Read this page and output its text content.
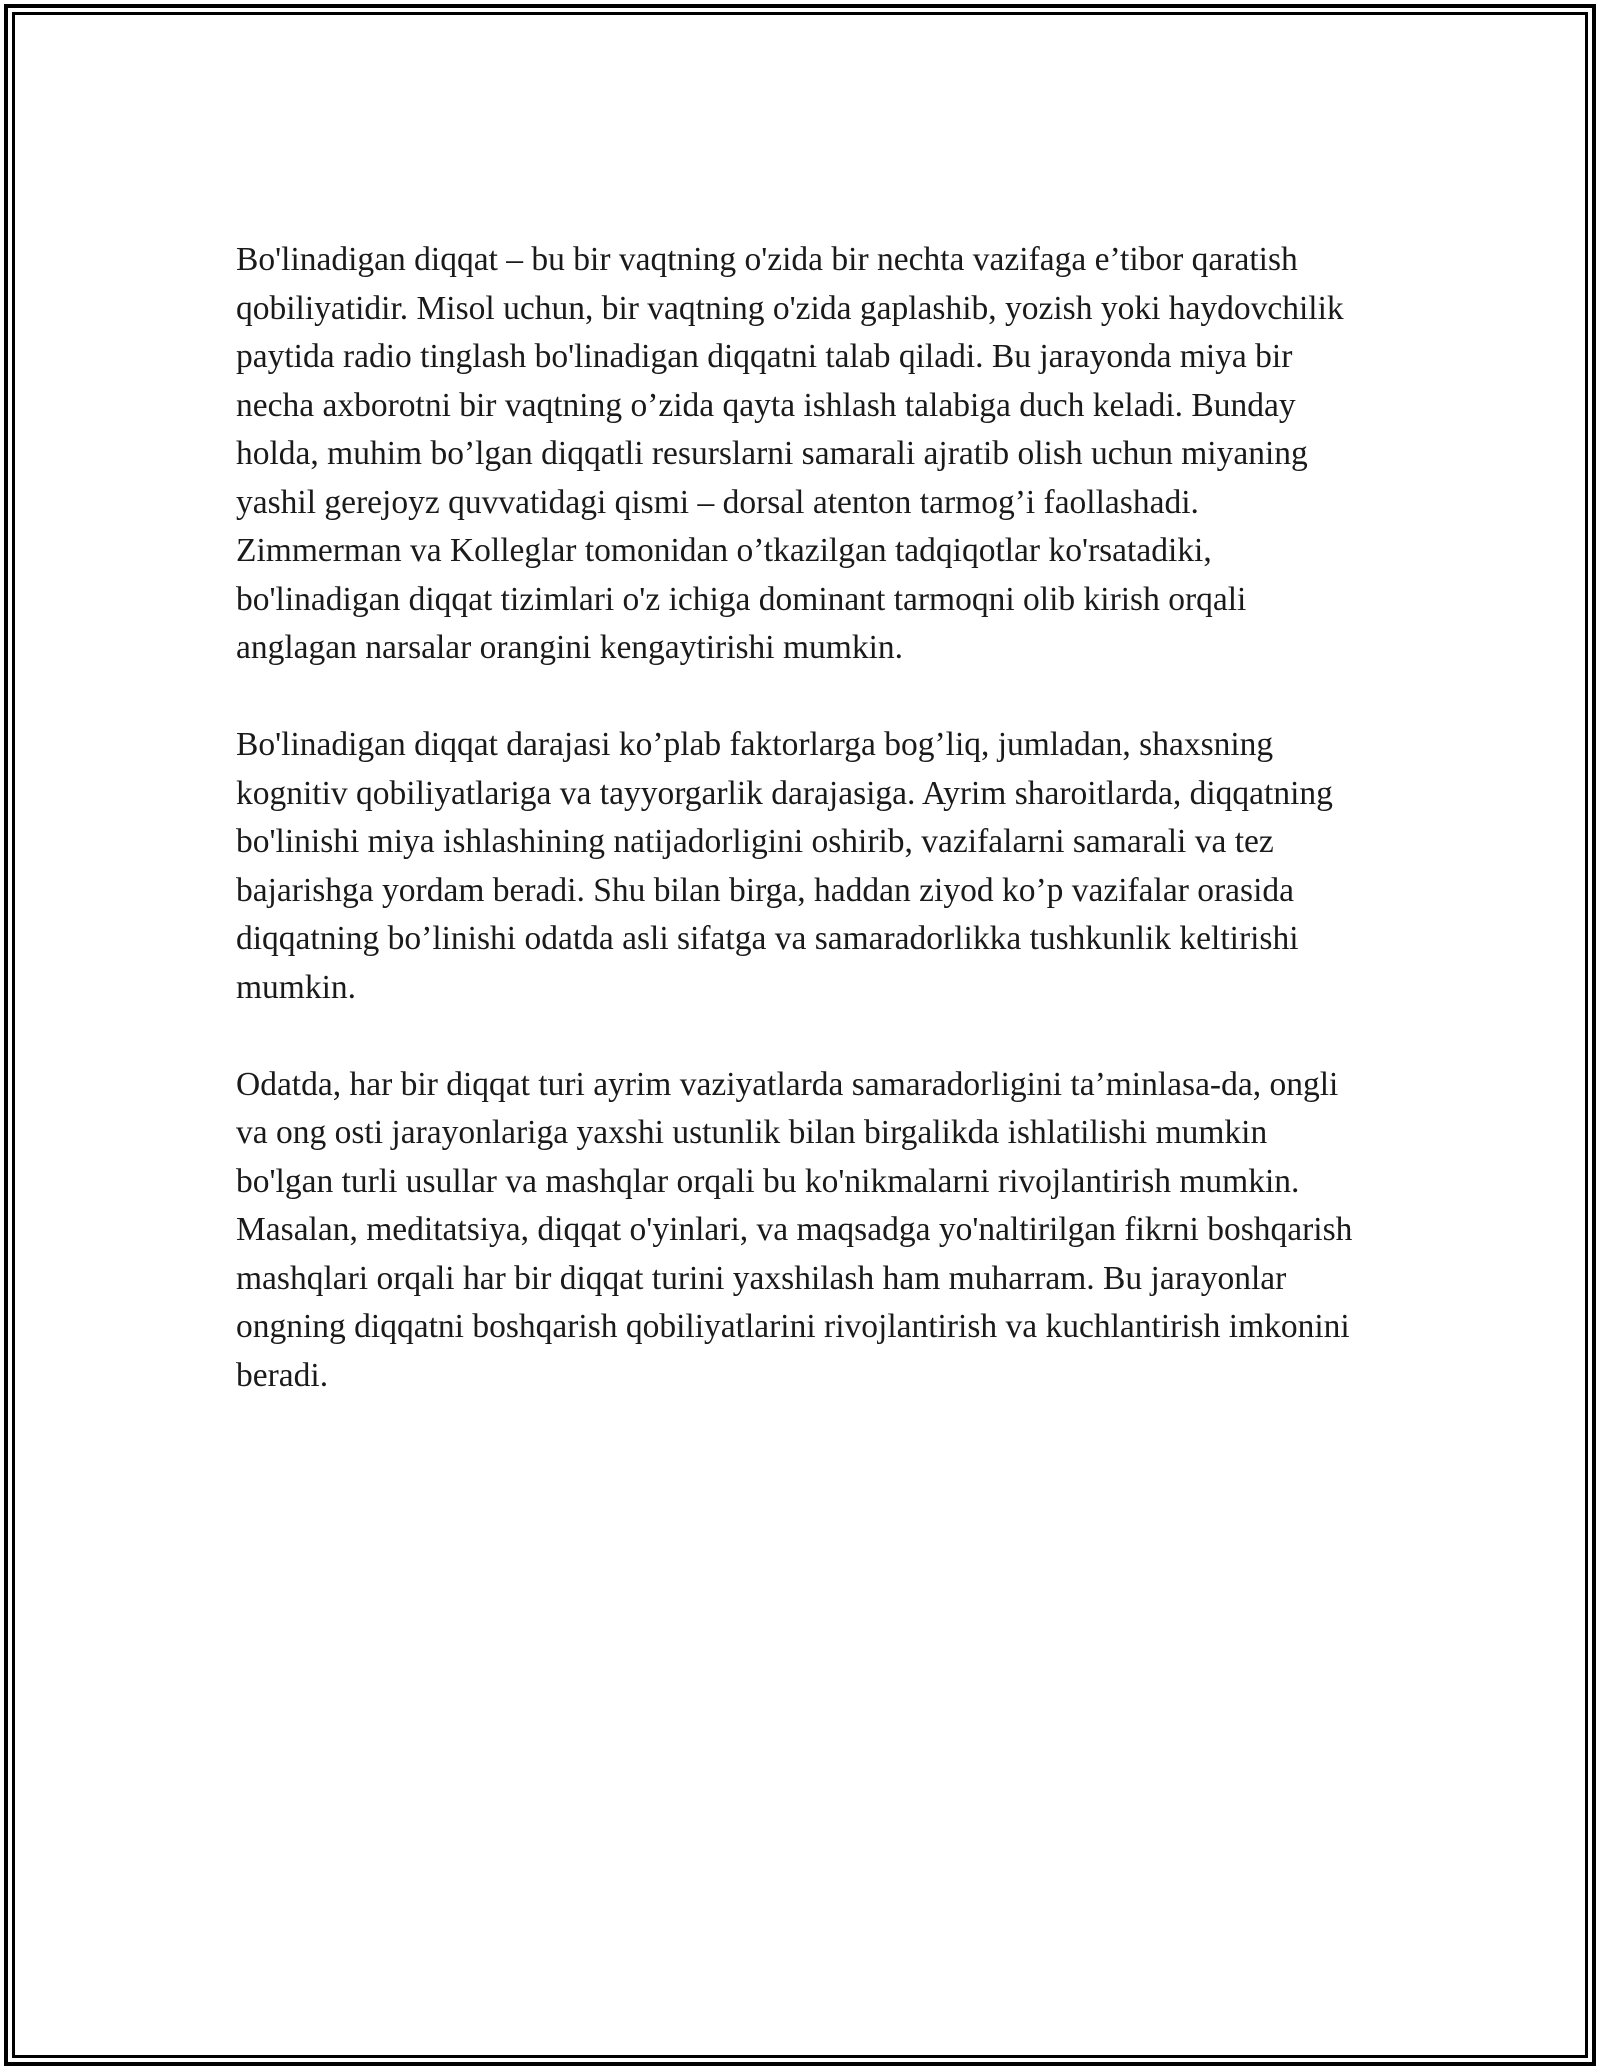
Bo'linadigan diqqat – bu bir vaqtning o'zida bir nechta vazifaga e’tibor qaratish qobiliyatidir. Misol uchun, bir vaqtning o'zida gaplashib, yozish yoki haydovchilik paytida radio tinglash bo'linadigan diqqatni talab qiladi. Bu jarayonda miya bir necha axborotni bir vaqtning o’zida qayta ishlash talabiga duch keladi. Bunday holda, muhim bo’lgan diqqatli resurslarni samarali ajratib olish uchun miyaning yashil gerejoyz quvvatidagi qismi – dorsal atenton tarmog’i faollashadi. Zimmerman va Kolleglar tomonidan o’tkazilgan tadqiqotlar ko'rsatadiki, bo'linadigan diqqat tizimlari o'z ichiga dominant tarmoqni olib kirish orqali anglagan narsalar orangini kengaytirishi mumkin.

Bo'linadigan diqqat darajasi ko’plab faktorlarga bog’liq, jumladan, shaxsning kognitiv qobiliyatlariga va tayyorgarlik darajasiga. Ayrim sharoitlarda, diqqatning bo'linishi miya ishlashining natijadorligini oshirib, vazifalarni samarali va tez bajarishga yordam beradi. Shu bilan birga, haddan ziyod ko’p vazifalar orasida diqqatning bo’linishi odatda asli sifatga va samaradorlikka tushkunlik keltirishi mumkin.

Odatda, har bir diqqat turi ayrim vaziyatlarda samaradorligini ta’minlasa-da, ongli va ong osti jarayonlariga yaxshi ustunlik bilan birgalikda ishlatilishi mumkin bo'lgan turli usullar va mashqlar orqali bu ko'nikmalarni rivojlantirish mumkin. Masalan, meditatsiya, diqqat o'yinlari, va maqsadga yo'naltirilgan fikrni boshqarish mashqlari orqali har bir diqqat turini yaxshilash ham muharram. Bu jarayonlar ongning diqqatni boshqarish qobiliyatlarini rivojlantirish va kuchlantirish imkonini beradi.
